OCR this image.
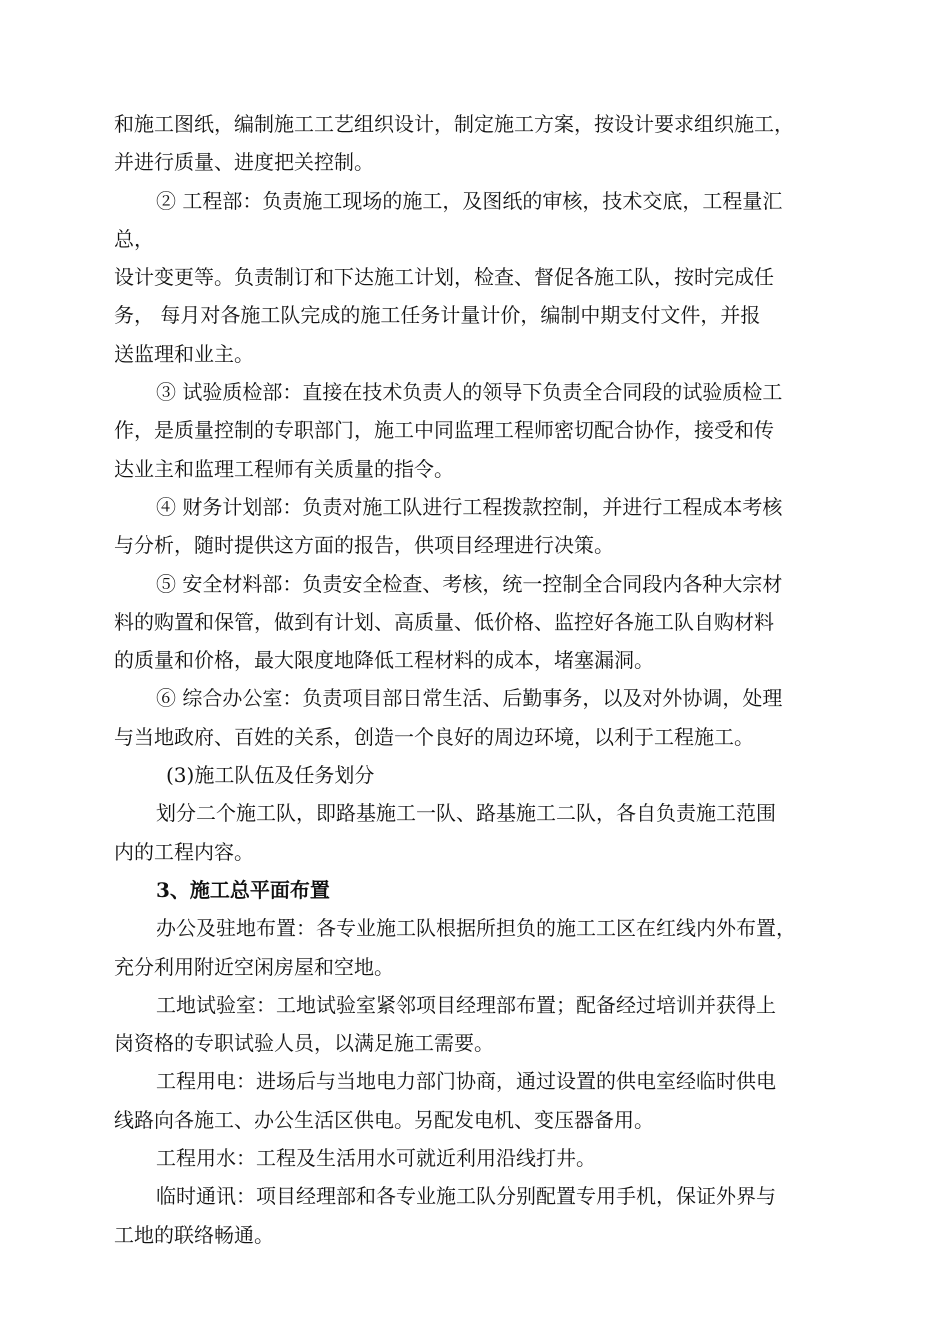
和施工图纸，编制施工工艺组织设计，制定施工方案，按设计要求组织施工，

并进行质量、进度把关控制。

② 工程部：负责施工现场的施工，及图纸的审核，技术交底，工程量汇

总，

设计变更等。负责制订和下达施工计划，检查、督促各施工队，按时完成任

务， 每月对各施工队完成的施工任务计量计价，编制中期支付文件，并报

送监理和业主。

③ 试验质检部：直接在技术负责人的领导下负责全合同段的试验质检工

作，是质量控制的专职部门，施工中同监理工程师密切配合协作，接受和传

达业主和监理工程师有关质量的指令。

④ 财务计划部：负责对施工队进行工程拨款控制，并进行工程成本考核

与分析，随时提供这方面的报告，供项目经理进行决策。

⑤ 安全材料部：负责安全检查、考核，统一控制全合同段内各种大宗材

料的购置和保管，做到有计划、高质量、低价格、监控好各施工队自购材料

的质量和价格，最大限度地降低工程材料的成本，堵塞漏洞。

⑥ 综合办公室：负责项目部日常生活、后勤事务，以及对外协调，处理

与当地政府、百姓的关系，创造一个良好的周边环境，以利于工程施工。

(3)施工队伍及任务划分

划分二个施工队，即路基施工一队、路基施工二队，各自负责施工范围

内的工程内容。

3、施工总平面布置

办公及驻地布置：各专业施工队根据所担负的施工工区在红线内外布置，

充分利用附近空闲房屋和空地。

工地试验室：工地试验室紧邻项目经理部布置；配备经过培训并获得上

岗资格的专职试验人员，以满足施工需要。

工程用电：进场后与当地电力部门协商，通过设置的供电室经临时供电

线路向各施工、办公生活区供电。另配发电机、变压器备用。

工程用水：工程及生活用水可就近利用沿线打井。

临时通讯：项目经理部和各专业施工队分别配置专用手机，保证外界与

工地的联络畅通。
